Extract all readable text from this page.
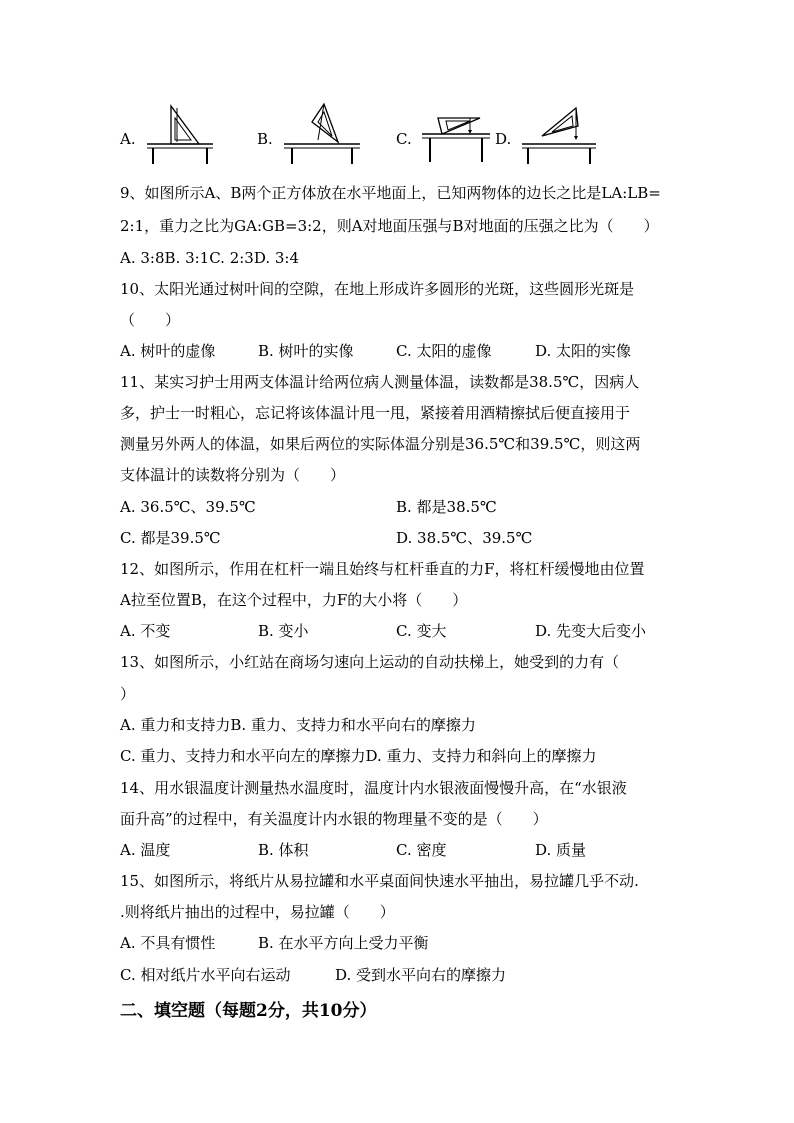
A.	B.	C.	D.
9、如图所示A、B两个正方体放在水平地面上，已知两物体的边长之比是LA:LB=
2:1，重力之比为GA:GB=3:2，则A对地面压强与B对地面的压强之比为（　　）
A. 3:8B. 3:1C. 2:3D. 3:4
10、太阳光通过树叶间的空隙，在地上形成许多圆形的光斑，这些圆形光斑是
（　　）
A. 树叶的虚像	B. 树叶的实像	C. 太阳的虚像	D. 太阳的实像
11、某实习护士用两支体温计给两位病人测量体温，读数都是38.5℃，因病人
多，护士一时粗心，忘记将该体温计甩一甩，紧接着用酒精擦拭后便直接用于
测量另外两人的体温，如果后两位的实际体温分别是36.5℃和39.5℃，则这两
支体温计的读数将分别为（　　）
A. 36.5℃、39.5℃	B. 都是38.5℃
C. 都是39.5℃	D. 38.5℃、39.5℃
12、如图所示，作用在杠杆一端且始终与杠杆垂直的力F，将杠杆缓慢地由位置
A拉至位置B，在这个过程中，力F的大小将（　　）
A. 不变	B. 变小	C. 变大	D. 先变大后变小
13、如图所示，小红站在商场匀速向上运动的自动扶梯上，她受到的力有（
）
A. 重力和支持力B. 重力、支持力和水平向右的摩擦力
C. 重力、支持力和水平向左的摩擦力D. 重力、支持力和斜向上的摩擦力
14、用水银温度计测量热水温度时，温度计内水银液面慢慢升高，在“水银液
面升高”的过程中，有关温度计内水银的物理量不变的是（　　）
A. 温度	B. 体积	C. 密度	D. 质量
15、如图所示，将纸片从易拉罐和水平桌面间快速水平抽出，易拉罐几乎不动.
.则将纸片抽出的过程中，易拉罐（　　）
A. 不具有惯性	B. 在水平方向上受力平衡
C. 相对纸片水平向右运动	D. 受到水平向右的摩擦力
二、填空题（每题2分，共10分）
